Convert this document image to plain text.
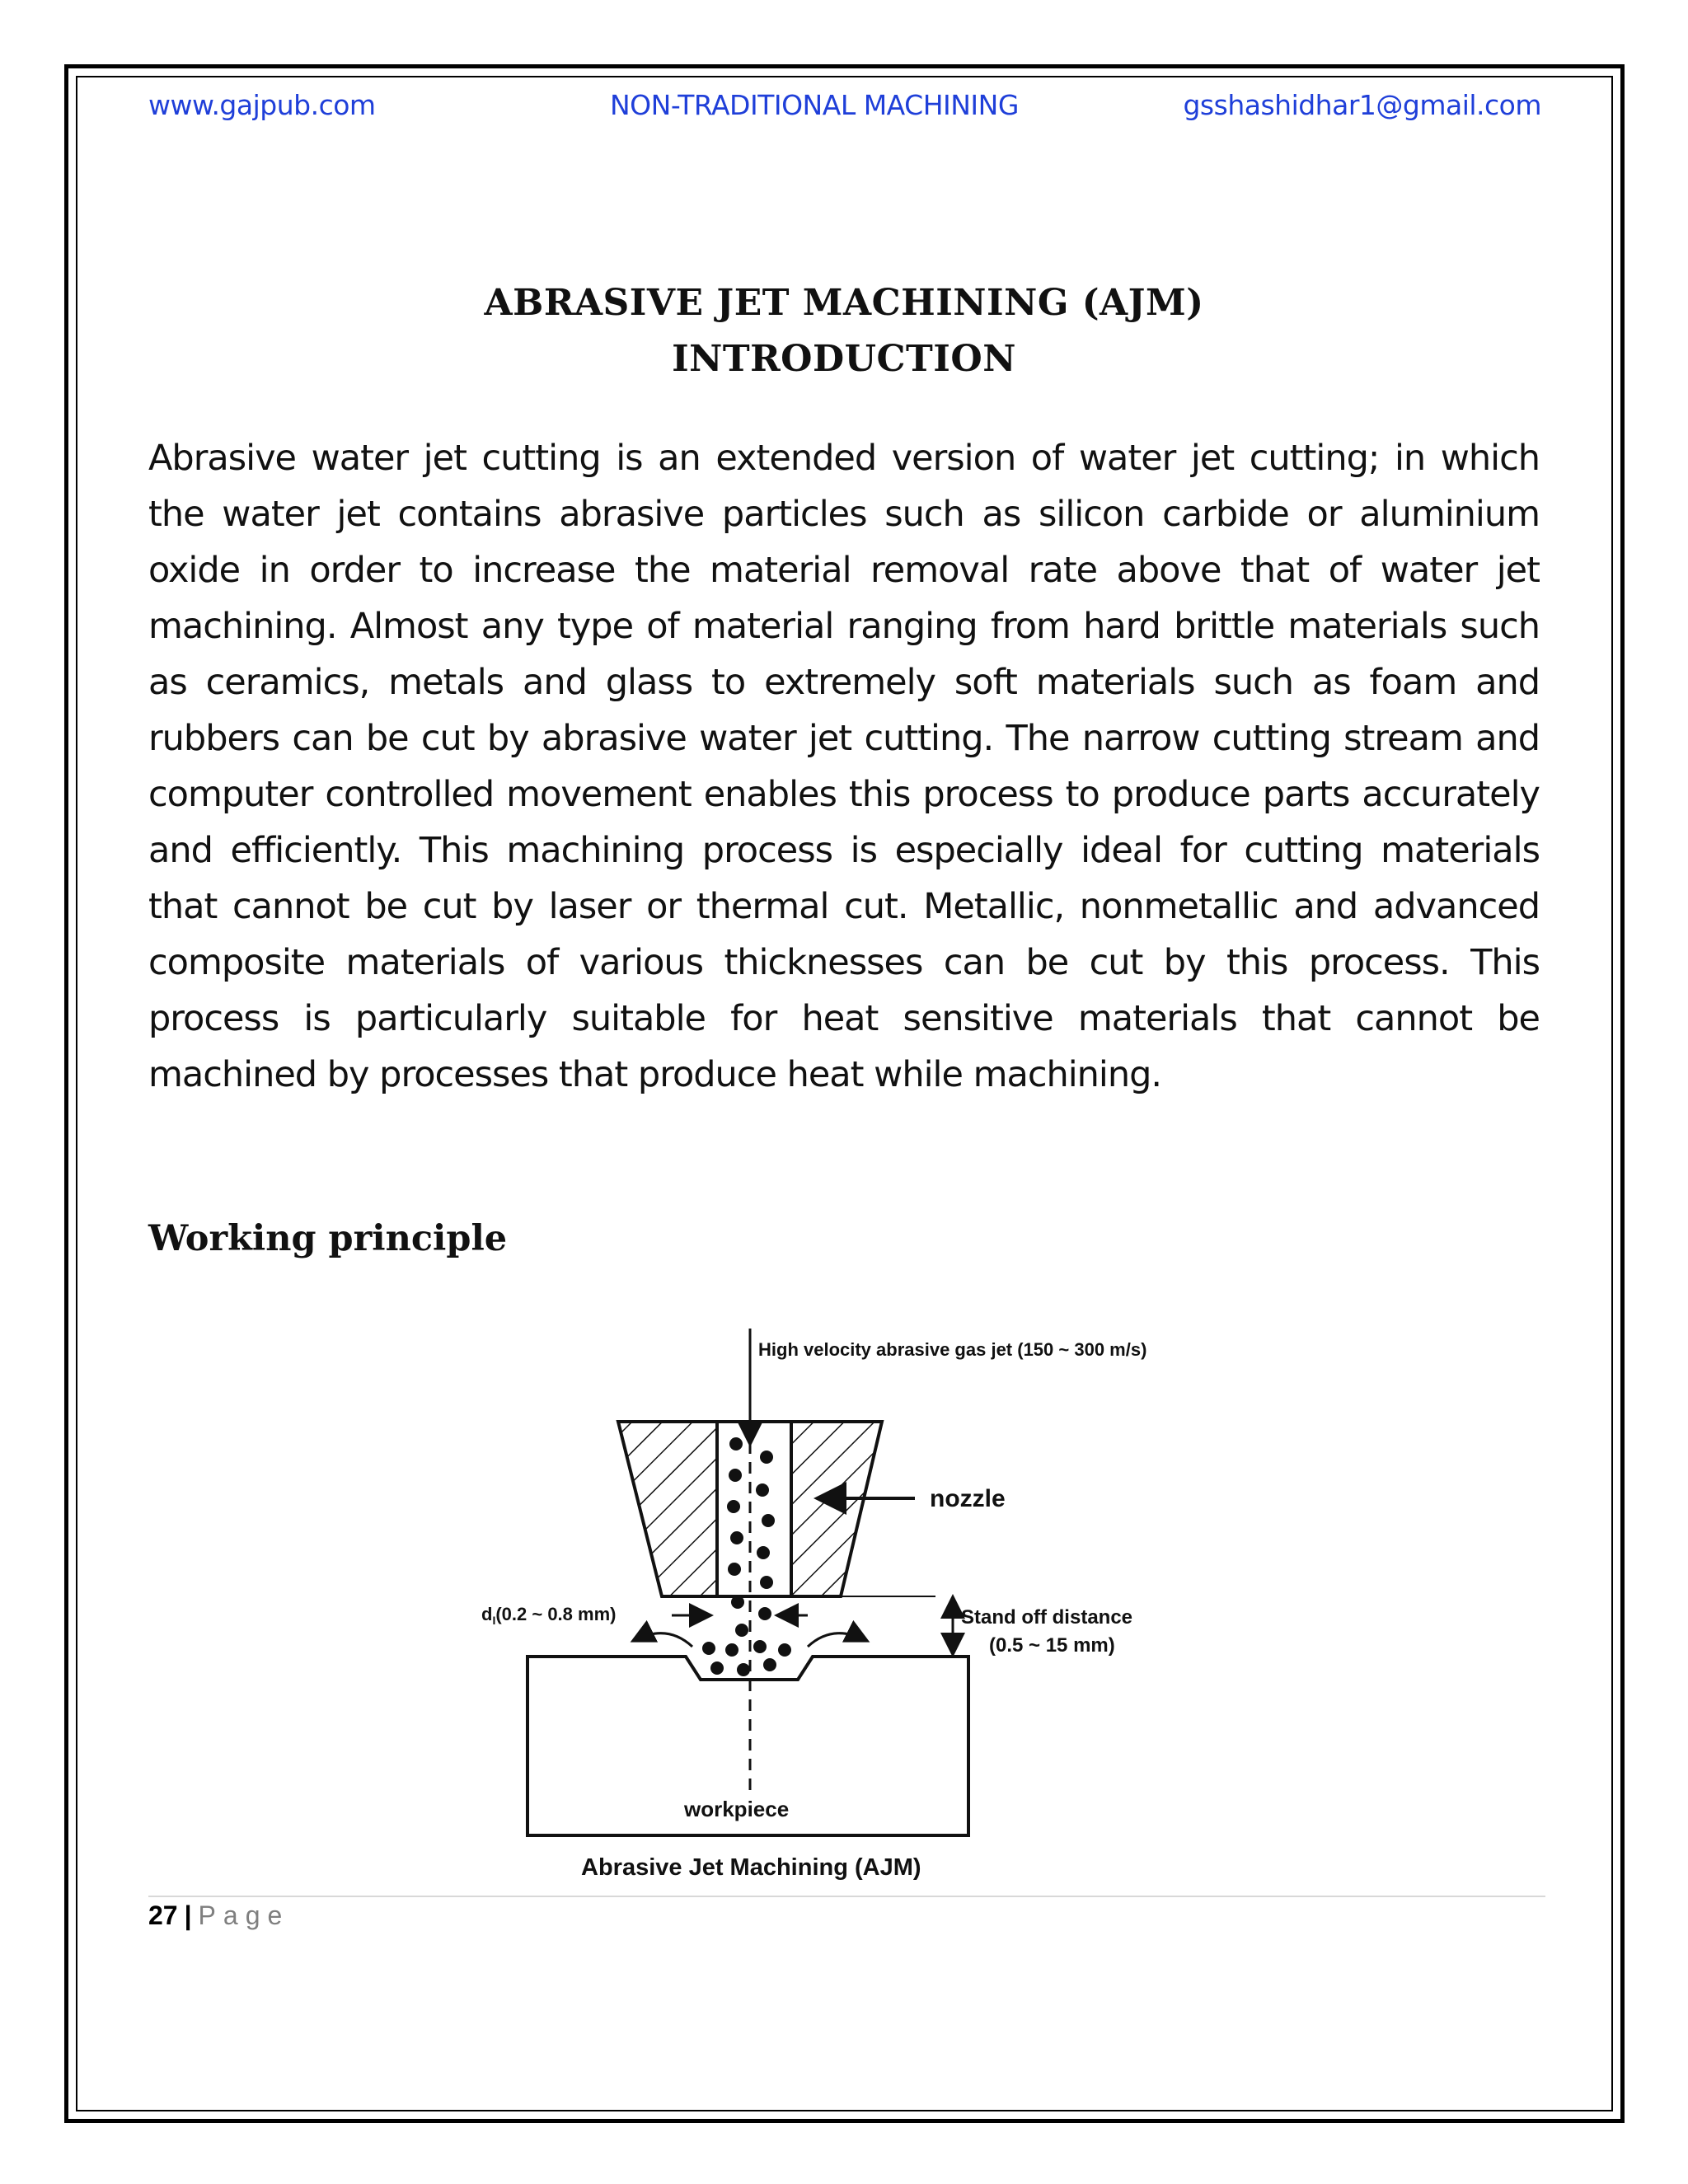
www.gajpub.com	NON-TRADITIONAL MACHINING	gsshashidhar1@gmail.com
ABRASIVE JET MACHINING (AJM)
INTRODUCTION
Abrasive water jet cutting is an extended version of water jet cutting; in which the water jet contains abrasive particles such as silicon carbide or aluminium oxide in order to increase the material removal rate above that of water jet machining. Almost any type of material ranging from hard brittle materials such as ceramics, metals and glass to extremely soft materials such as foam and rubbers can be cut by abrasive water jet cutting. The narrow cutting stream and computer controlled movement enables this process to produce parts accurately and efficiently. This machining process is especially ideal for cutting materials that cannot be cut by laser or thermal cut. Metallic, nonmetallic and advanced composite materials of various thicknesses can be cut by this process. This process is particularly suitable for heat sensitive materials that cannot be machined by processes that produce heat while machining.
Working principle
High velocity abrasive gas jet (150 ~ 300 m/s)
nozzle
$d_I(0.2$ ~ 0.8 mm)	Stand off distance
(0.5 ~ 15 mm)
workpiece
Abrasive Jet Machining (AJM)
27 | Page
